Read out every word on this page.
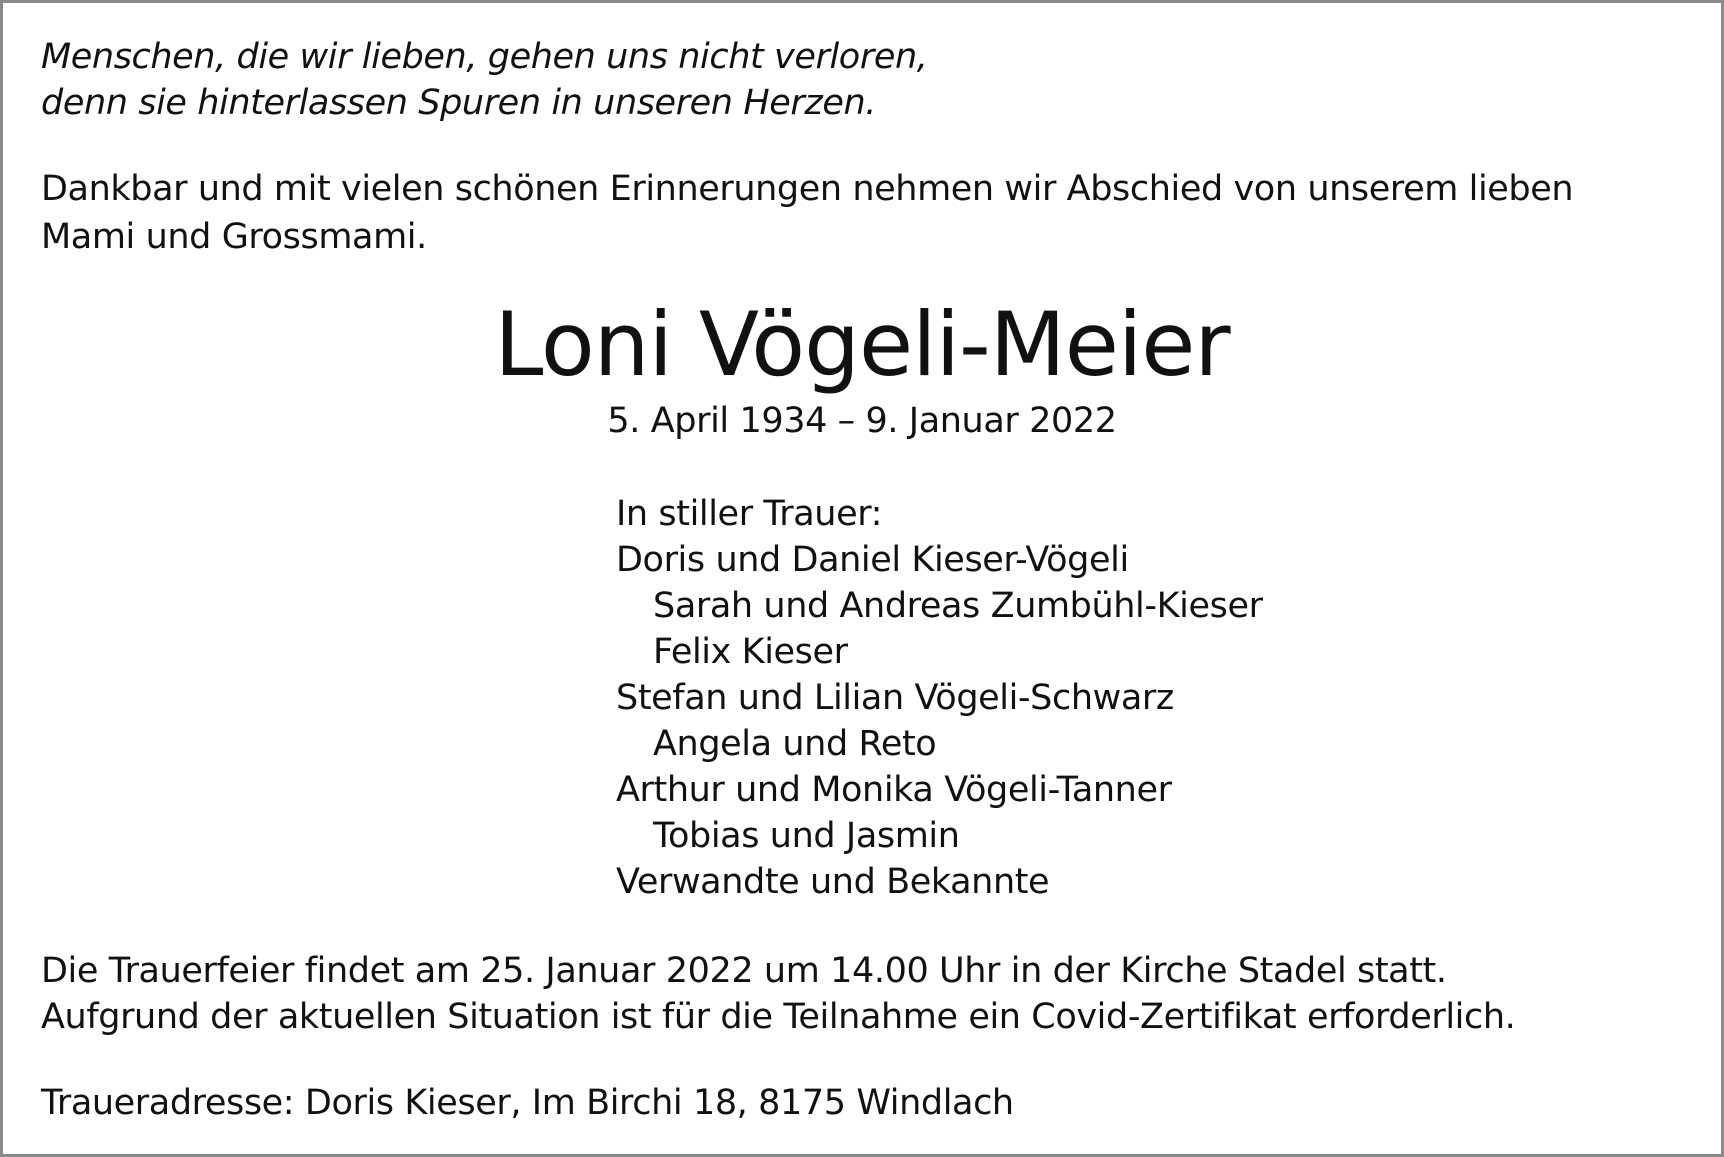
Menschen, die wir lieben, gehen uns nicht verloren,
denn sie hinterlassen Spuren in unseren Herzen.
Dankbar und mit vielen schönen Erinnerungen nehmen wir Abschied von unserem lieben
Mami und Grossmami.
Loni Vögeli-Meier
5. April 1934 – 9. Januar 2022
In stiller Trauer:
Doris und Daniel Kieser-Vögeli
Sarah und Andreas Zumbühl-Kieser
Felix Kieser
Stefan und Lilian Vögeli-Schwarz
Angela und Reto
Arthur und Monika Vögeli-Tanner
Tobias und Jasmin
Verwandte und Bekannte
Die Trauerfeier findet am 25. Januar 2022 um 14.00 Uhr in der Kirche Stadel statt.
Aufgrund der aktuellen Situation ist für die Teilnahme ein Covid-Zertifikat erforderlich.
Traueradresse: Doris Kieser, Im Birchi 18, 8175 Windlach
